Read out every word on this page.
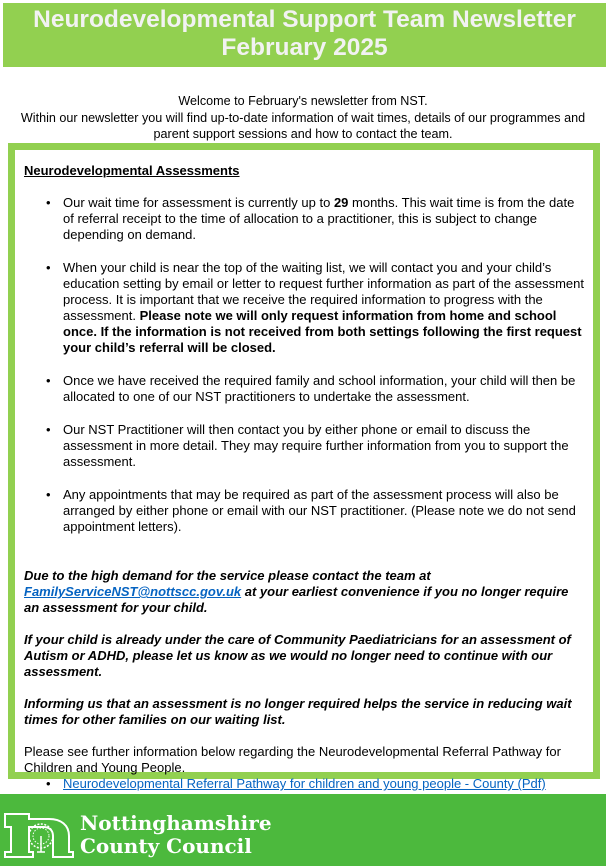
Neurodevelopmental Support Team Newsletter
February 2025
Welcome to February's newsletter from NST.
Within our newsletter you will find up-to-date information of wait times, details of our programmes and
parent support sessions and how to contact the team.

Neurodevelopmental Assessments

• Our wait time for assessment is currently up to 29 months. This wait time is from the date of referral receipt to the time of allocation to a practitioner, this is subject to change depending on demand.
• When your child is near the top of the waiting list, we will contact you and your child’s education setting by email or letter to request further information as part of the assessment process. It is important that we receive the required information to progress with the assessment. Please note we will only request information from home and school once. If the information is not received from both settings following the first request your child’s referral will be closed.
• Once we have received the required family and school information, your child will then be allocated to one of our NST practitioners to undertake the assessment.
• Our NST Practitioner will then contact you by either phone or email to discuss the assessment in more detail. They may require further information from you to support the assessment.
• Any appointments that may be required as part of the assessment process will also be arranged by either phone or email with our NST practitioner. (Please note we do not send appointment letters).

Due to the high demand for the service please contact the team at FamilyServiceNST@nottscc.gov.uk at your earliest convenience if you no longer require an assessment for your child.

If your child is already under the care of Community Paediatricians for an assessment of Autism or ADHD, please let us know as we would no longer need to continue with our assessment.

Informing us that an assessment is no longer required helps the service in reducing wait times for other families on our waiting list.

Please see further information below regarding the Neurodevelopmental Referral Pathway for Children and Young People.

• Neurodevelopmental Referral Pathway for children and young people - County (Pdf)
Nottinghamshire
County Council
